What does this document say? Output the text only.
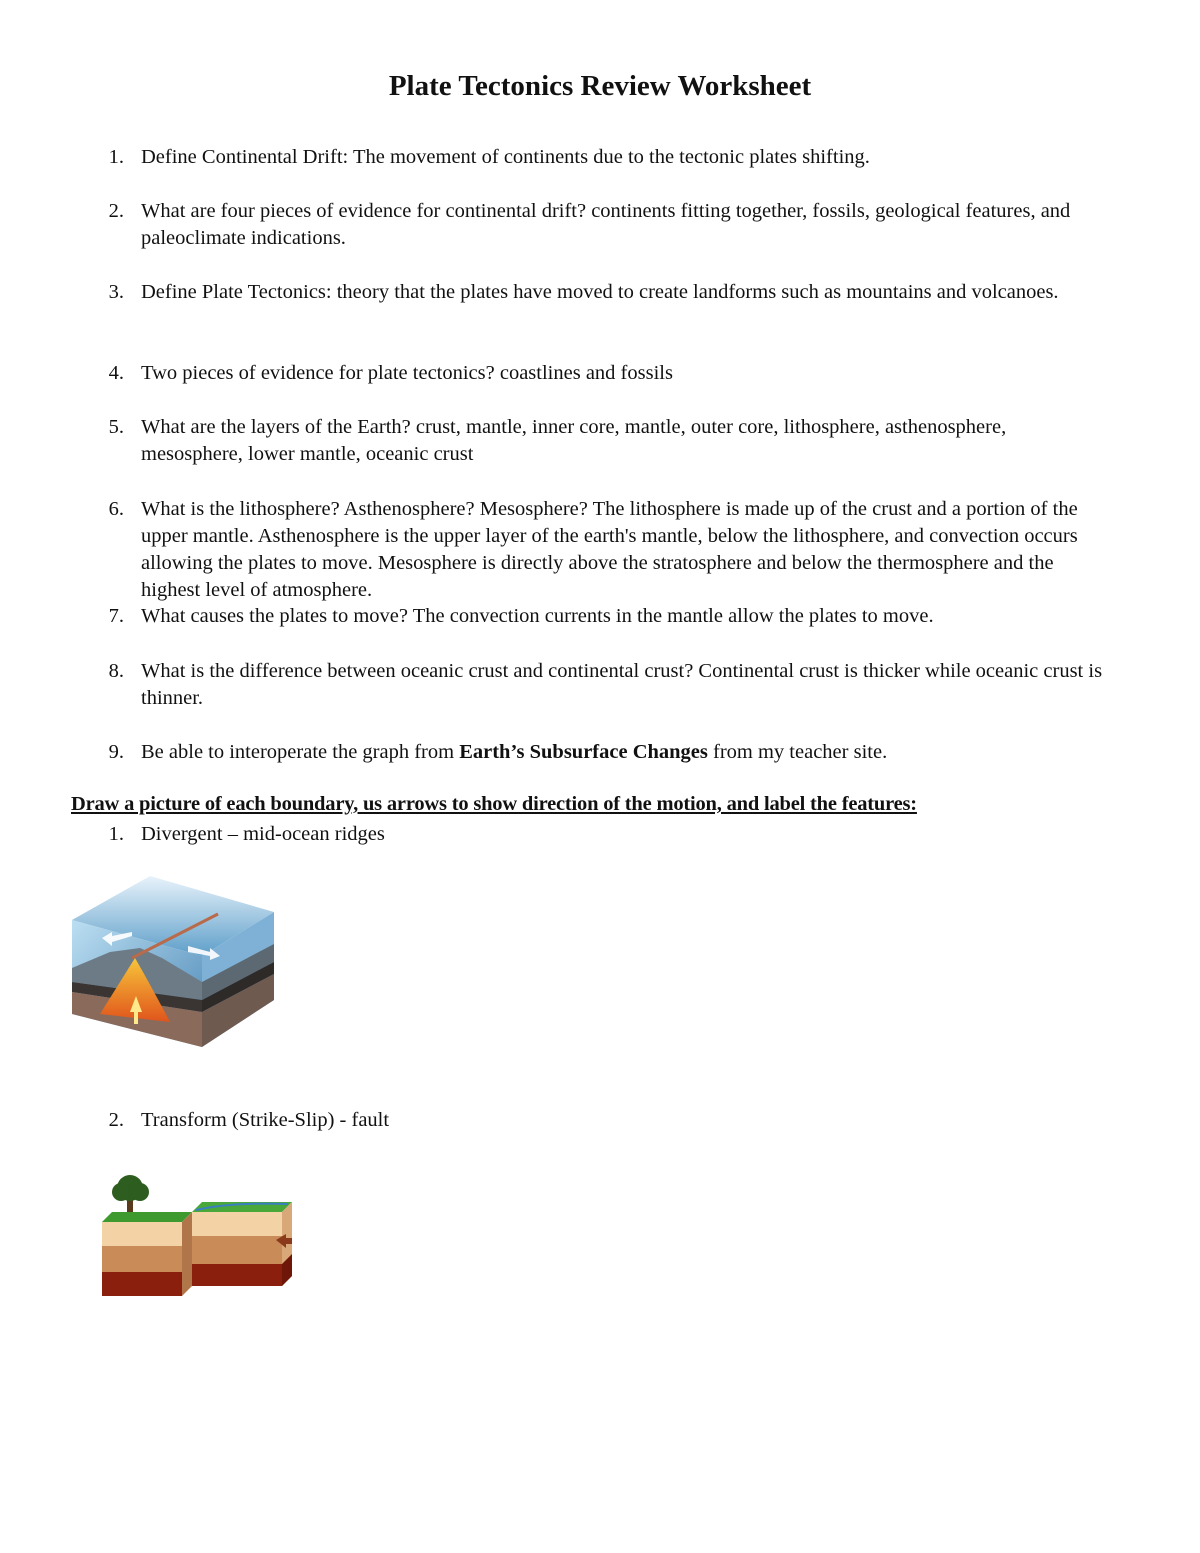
Plate Tectonics Review Worksheet
1. Define Continental Drift: The movement of continents due to the tectonic plates shifting.
2. What are four pieces of evidence for continental drift? continents fitting together, fossils, geological features, and paleoclimate indications.
3. Define Plate Tectonics: theory that the plates have moved to create landforms such as mountains and volcanoes.
4. Two pieces of evidence for plate tectonics? coastlines and fossils
5. What are the layers of the Earth? crust, mantle, inner core, mantle, outer core, lithosphere, asthenosphere, mesosphere, lower mantle, oceanic crust
6. What is the lithosphere? Asthenosphere? Mesosphere? The lithosphere is made up of the crust and a portion of the upper mantle. Asthenosphere is the upper layer of the earth's mantle, below the lithosphere, and convection occurs allowing the plates to move. Mesosphere is directly above the stratosphere and below the thermosphere and the highest level of atmosphere.
7. What causes the plates to move? The convection currents in the mantle allow the plates to move.
8. What is the difference between oceanic crust and continental crust? Continental crust is thicker while oceanic crust is thinner.
9. Be able to interoperate the graph from Earth’s Subsurface Changes from my teacher site.
Draw a picture of each boundary, us arrows to show direction of the motion, and label the features:
1. Divergent – mid-ocean ridges
2. Transform (Strike-Slip) - fault
